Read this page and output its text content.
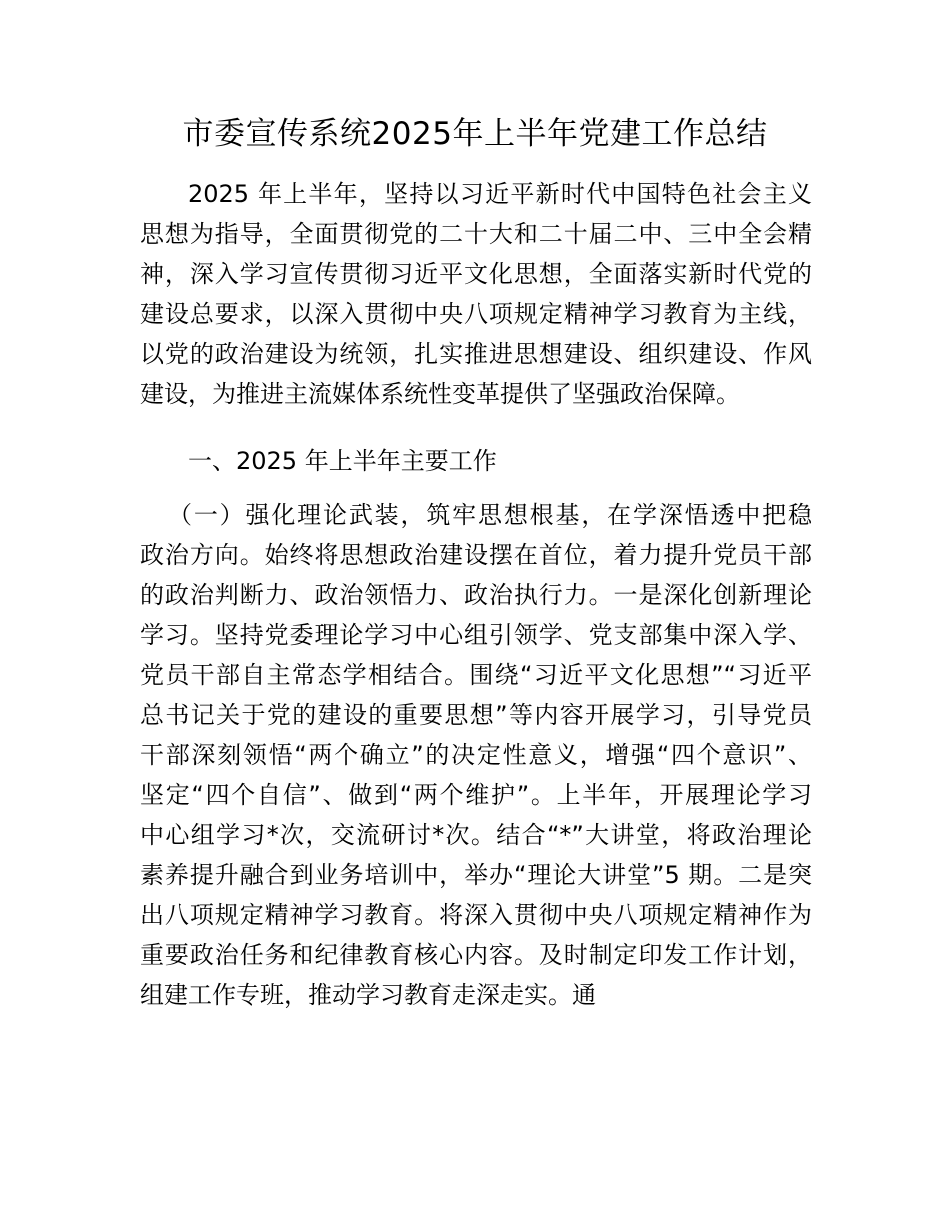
市委宣传系统2025年上半年党建工作总结
2025 年上半年，坚持以习近平新时代中国特色社会主义
思想为指导，全面贯彻党的二十大和二十届二中、三中全会精
神，深入学习宣传贯彻习近平文化思想，全面落实新时代党的
建设总要求，以深入贯彻中央八项规定精神学习教育为主线，
以党的政治建设为统领，扎实推进思想建设、组织建设、作风
建设，为推进主流媒体系统性变革提供了坚强政治保障。
一、2025 年上半年主要工作
（一）强化理论武装，筑牢思想根基，在学深悟透中把稳
政治方向。始终将思想政治建设摆在首位，着力提升党员干部
的政治判断力、政治领悟力、政治执行力。一是深化创新理论
学习。坚持党委理论学习中心组引领学、党支部集中深入学、
党员干部自主常态学相结合。围绕“习近平文化思想”“习近平
总书记关于党的建设的重要思想”等内容开展学习，引导党员
干部深刻领悟“两个确立”的决定性意义，增强“四个意识”、
坚定“四个自信”、做到“两个维护”。上半年，开展理论学习
中心组学习*次，交流研讨*次。结合“*”大讲堂，将政治理论
素养提升融合到业务培训中，举办“理论大讲堂”5 期。二是突
出八项规定精神学习教育。将深入贯彻中央八项规定精神作为
重要政治任务和纪律教育核心内容。及时制定印发工作计划，
组建工作专班，推动学习教育走深走实。通
